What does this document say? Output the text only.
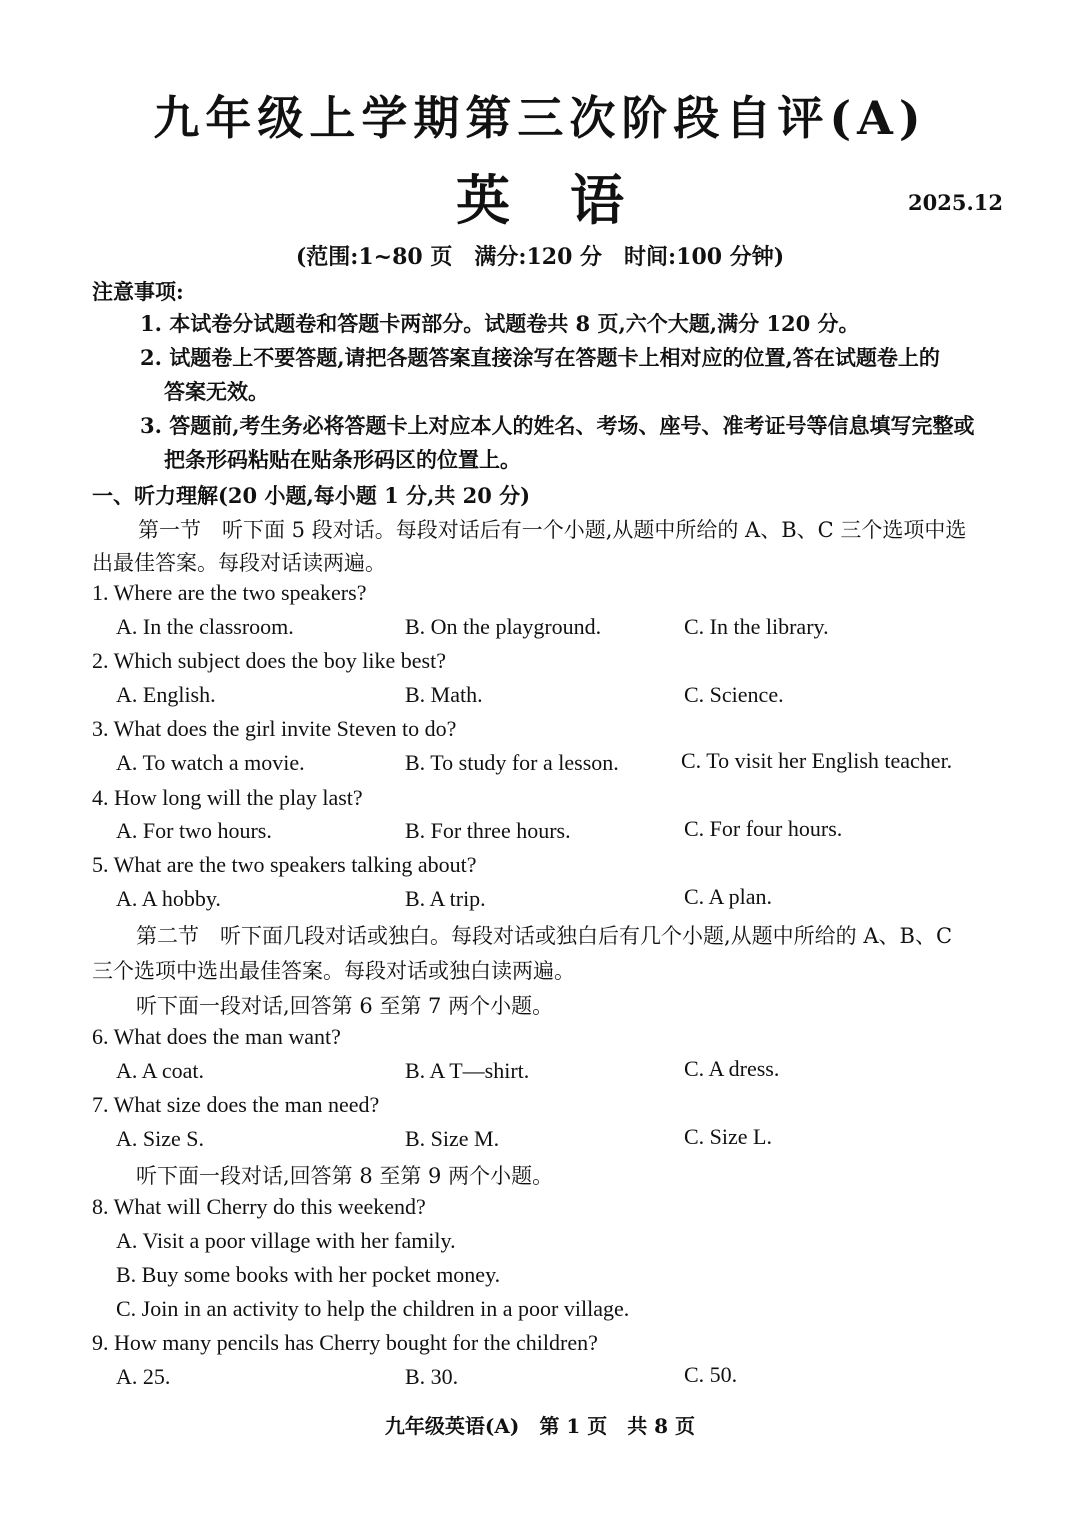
九年级上学期第三次阶段自评(A)
英语	2025.12
(范围:1~80 页　满分:120 分　时间:100 分钟)
注意事项:
1. 本试卷分试题卷和答题卡两部分。试题卷共 8 页,六个大题,满分 120 分。
2. 试题卷上不要答题,请把各题答案直接涂写在答题卡上相对应的位置,答在试题卷上的
答案无效。
3. 答题前,考生务必将答题卡上对应本人的姓名、考场、座号、准考证号等信息填写完整或
把条形码粘贴在贴条形码区的位置上。
一、听力理解(20 小题,每小题 1 分,共 20 分)
第一节　听下面 5 段对话。每段对话后有一个小题,从题中所给的 A、B、C 三个选项中选
出最佳答案。每段对话读两遍。
1. Where are the two speakers?
A. In the classroom.	B. On the playground.	C. In the library.
2. Which subject does the boy like best?
A. English.	B. Math.	C. Science.
3. What does the girl invite Steven to do?
A. To watch a movie.	B. To study for a lesson.	C. To visit her English teacher.
4. How long will the play last?
A. For two hours.	B. For three hours.	C. For four hours.
5. What are the two speakers talking about?
A. A hobby.	B. A trip.	C. A plan.
第二节　听下面几段对话或独白。每段对话或独白后有几个小题,从题中所给的 A、B、C
三个选项中选出最佳答案。每段对话或独白读两遍。
听下面一段对话,回答第 6 至第 7 两个小题。
6. What does the man want?
A. A coat.	B. A T—shirt.	C. A dress.
7. What size does the man need?
A. Size S.	B. Size M.	C. Size L.
听下面一段对话,回答第 8 至第 9 两个小题。
8. What will Cherry do this weekend?
A. Visit a poor village with her family.
B. Buy some books with her pocket money.
C. Join in an activity to help the children in a poor village.
9. How many pencils has Cherry bought for the children?
A. 25.	B. 30.	C. 50.
九年级英语(A)　第 1 页　共 8 页
